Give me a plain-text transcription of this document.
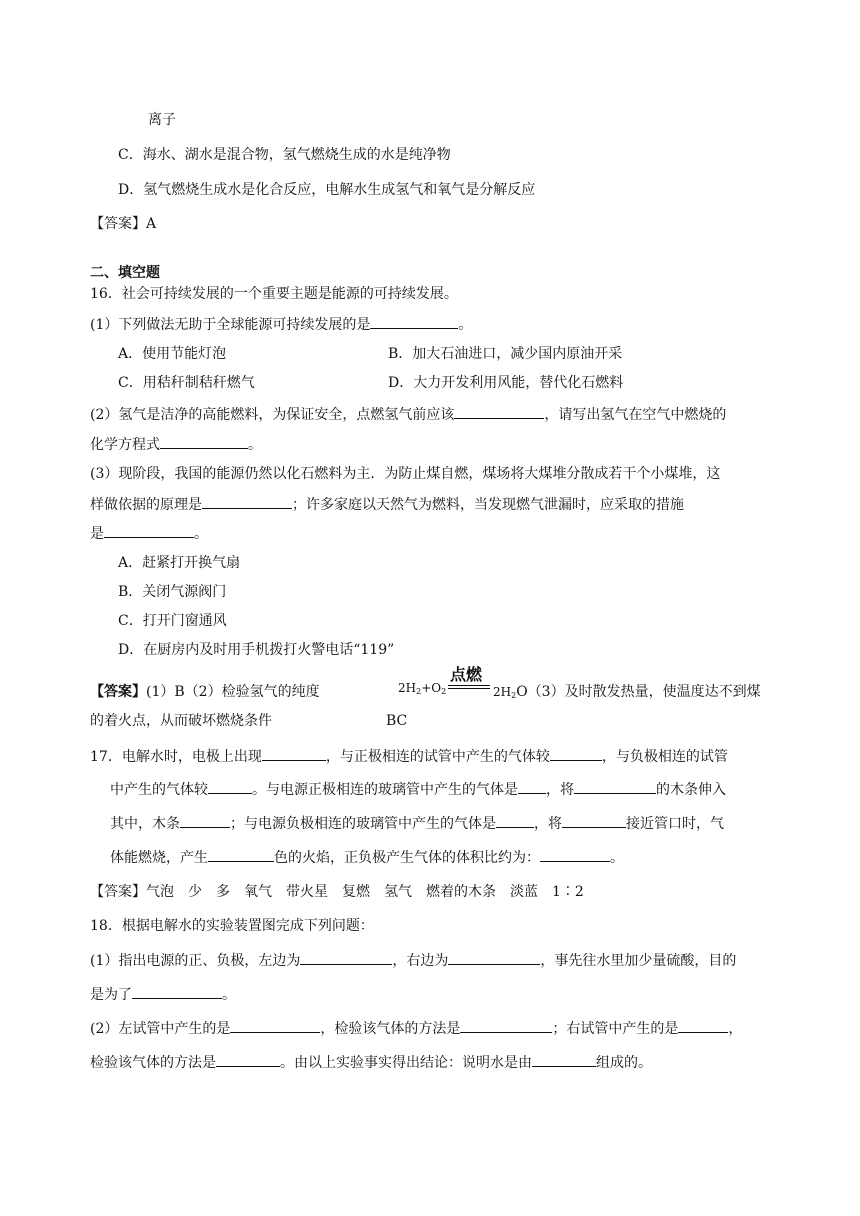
离子
C．海水、湖水是混合物，氢气燃烧生成的水是纯净物
D．氢气燃烧生成水是化合反应，电解水生成氢气和氧气是分解反应
【答案】A
二、填空题
16．社会可持续发展的一个重要主题是能源的可持续发展。
(1）下列做法无助于全球能源可持续发展的是	。
A．使用节能灯泡	B．加大石油进口，减少国内原油开采
C．用秸秆制秸秆燃气	D．大力开发利用风能，替代化石燃料
(2）氢气是洁净的高能燃料，为保证安全，点燃氢气前应该	，请写出氢气在空气中燃烧的
化学方程式	。
(3）现阶段，我国的能源仍然以化石燃料为主．为防止煤自燃，煤场将大煤堆分散成若干个小煤堆，这
样做依据的原理是	；许多家庭以天然气为燃料，当发现燃气泄漏时，应采取的措施
是	。
A．赶紧打开换气扇
B．关闭气源阀门
C．打开门窗通风
D．在厨房内及时用手机拨打火警电话“119”
【答案】(1）B（2）检验氢气的纯度
点燃
$2H_2+O_2$	$2H_2O(3)$及时散发热量，使温度达不到煤
的着火点，从而破坏燃烧条件	BC
17．电解水时，电极上出现	，与正极相连的试管中产生的气体较	，与负极相连的试管
中产生的气体较	。与电源正极相连的玻璃管中产生的气体是 ，将	的木条伸入
其中，木条	；与电源负极相连的玻璃管中产生的气体是	，将	接近管口时，气
体能燃烧，产生	色的火焰，正负极产生气体的体积比约为：	。
【答案】气泡　少　多　氧气　带火星　复燃　氢气　燃着的木条　淡蓝　1∶2
18．根据电解水的实验装置图完成下列问题：
(1）指出电源的正、负极，左边为	，右边为	，事先往水里加少量硫酸，目的
是为了	。
(2）左试管中产生的是	，检验该气体的方法是	；右试管中产生的是	，
检验该气体的方法是	。由以上实验事实得出结论：说明水是由	组成的。
